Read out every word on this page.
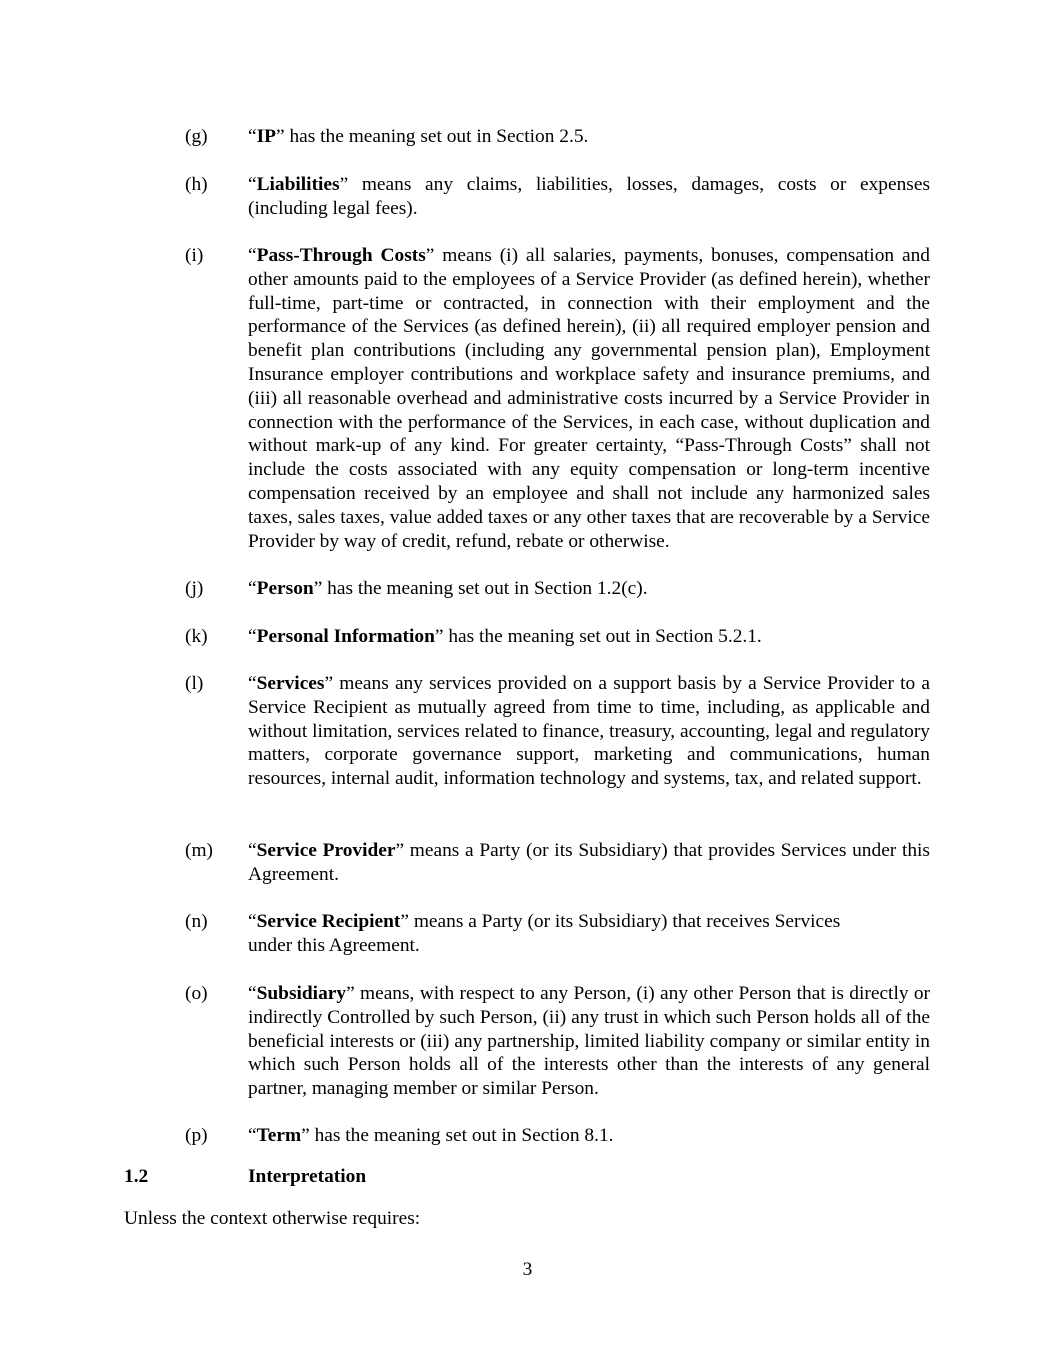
(g) “IP” has the meaning set out in Section 2.5.
(h) “Liabilities” means any claims, liabilities, losses, damages, costs or expenses (including legal fees).
(i) “Pass-Through Costs” means (i) all salaries, payments, bonuses, compensation and other amounts paid to the employees of a Service Provider (as defined herein), whether full-time, part-time or contracted, in connection with their employment and the performance of the Services (as defined herein), (ii) all required employer pension and benefit plan contributions (including any governmental pension plan), Employment Insurance employer contributions and workplace safety and insurance premiums, and (iii) all reasonable overhead and administrative costs incurred by a Service Provider in connection with the performance of the Services, in each case, without duplication and without mark-up of any kind. For greater certainty, “Pass-Through Costs” shall not include the costs associated with any equity compensation or long-term incentive compensation received by an employee and shall not include any harmonized sales taxes, sales taxes, value added taxes or any other taxes that are recoverable by a Service Provider by way of credit, refund, rebate or otherwise.
(j) “Person” has the meaning set out in Section 1.2(c).
(k) “Personal Information” has the meaning set out in Section 5.2.1.
(l) “Services” means any services provided on a support basis by a Service Provider to a Service Recipient as mutually agreed from time to time, including, as applicable and without limitation, services related to finance, treasury, accounting, legal and regulatory matters, corporate governance support, marketing and communications, human resources, internal audit, information technology and systems, tax, and related support.
(m) “Service Provider” means a Party (or its Subsidiary) that provides Services under this Agreement.
(n) “Service Recipient” means a Party (or its Subsidiary) that receives Services under this Agreement.
(o) “Subsidiary” means, with respect to any Person, (i) any other Person that is directly or indirectly Controlled by such Person, (ii) any trust in which such Person holds all of the beneficial interests or (iii) any partnership, limited liability company or similar entity in which such Person holds all of the interests other than the interests of any general partner, managing member or similar Person.
(p) “Term” has the meaning set out in Section 8.1.
1.2	Interpretation
Unless the context otherwise requires:
3
